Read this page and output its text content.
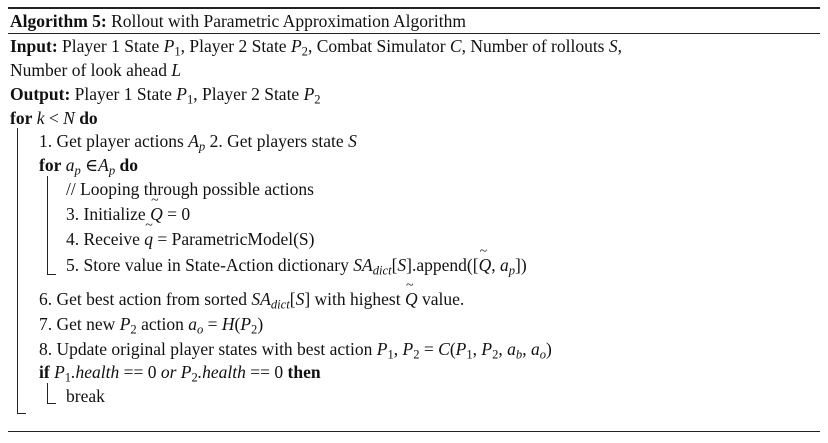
Algorithm 5: Rollout with Parametric Approximation Algorithm
Input: Player 1 State $P_1$, Player 2 State $P_2$, Combat Simulator C, Number of rollouts S,
Number of look ahead L
Output: Player 1 State $P_1$, Player 2 State $P_2$
for k < N do
1. Get player actions $A_p$ 2. Get players state S
for $a_p$ $\in A_p$ do
// Looping through possible actions
3. Initialize ~ Q = 0
4. Receive ~ q = ParametricModel(S)
5. Store value in State-Action dictionary $SA_{dict}[S].append([\sim$ Q, $a_p$])
6. Get best action from sorted $SA_{dict}[S]$ with highest ~ Q value.
7. Get new $P_2$ action $a_o = H(P_2)$
8. Update original player states with best action $P_1$, $P_2 = C(P_1$, $P_2$, $a_b$, $a_o$)
if $P_1.health == 0$ or $P_2.health == 0$ then
break
